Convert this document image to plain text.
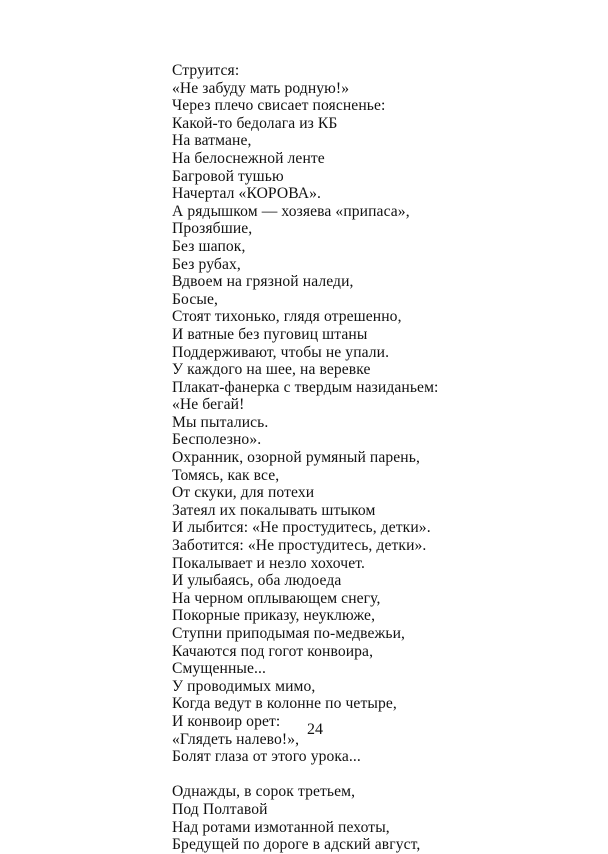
Струится:
«Не забуду мать родную!»
Через плечо свисает поясненье:
Какой-то бедолага из КБ
На ватмане,
На белоснежной ленте
Багровой тушью
Начертал «КОРОВА».
А рядышком — хозяева «припаса»,
Прозябшие,
Без шапок,
Без рубах,
Вдвоем на грязной наледи,
Босые,
Стоят тихонько, глядя отрешенно,
И ватные без пуговиц штаны
Поддерживают, чтобы не упали.
У каждого на шее, на веревке
Плакат-фанерка с твердым назиданьем:
«Не бегай!
Мы пытались.
Бесполезно».
Охранник, озорной румяный парень,
Томясь, как все,
От скуки, для потехи
Затеял их покалывать штыком
И лыбится: «Не простудитесь, детки».
Заботится: «Не простудитесь, детки».
Покалывает и незло хохочет.
И улыбаясь, оба людоеда
На черном оплывающем снегу,
Покорные приказу, неуклюже,
Ступни приподымая по-медвежьи,
Качаются под гогот конвоира,
Смущенные...
У проводимых мимо,
Когда ведут в колонне по четыре,
И конвоир орет:
«Глядеть налево!»,
Болят глаза от этого урока...
Однажды, в сорок третьем,
Под Полтавой
Над ротами измотанной пехоты,
Бредущей по дороге в адский август,
24
